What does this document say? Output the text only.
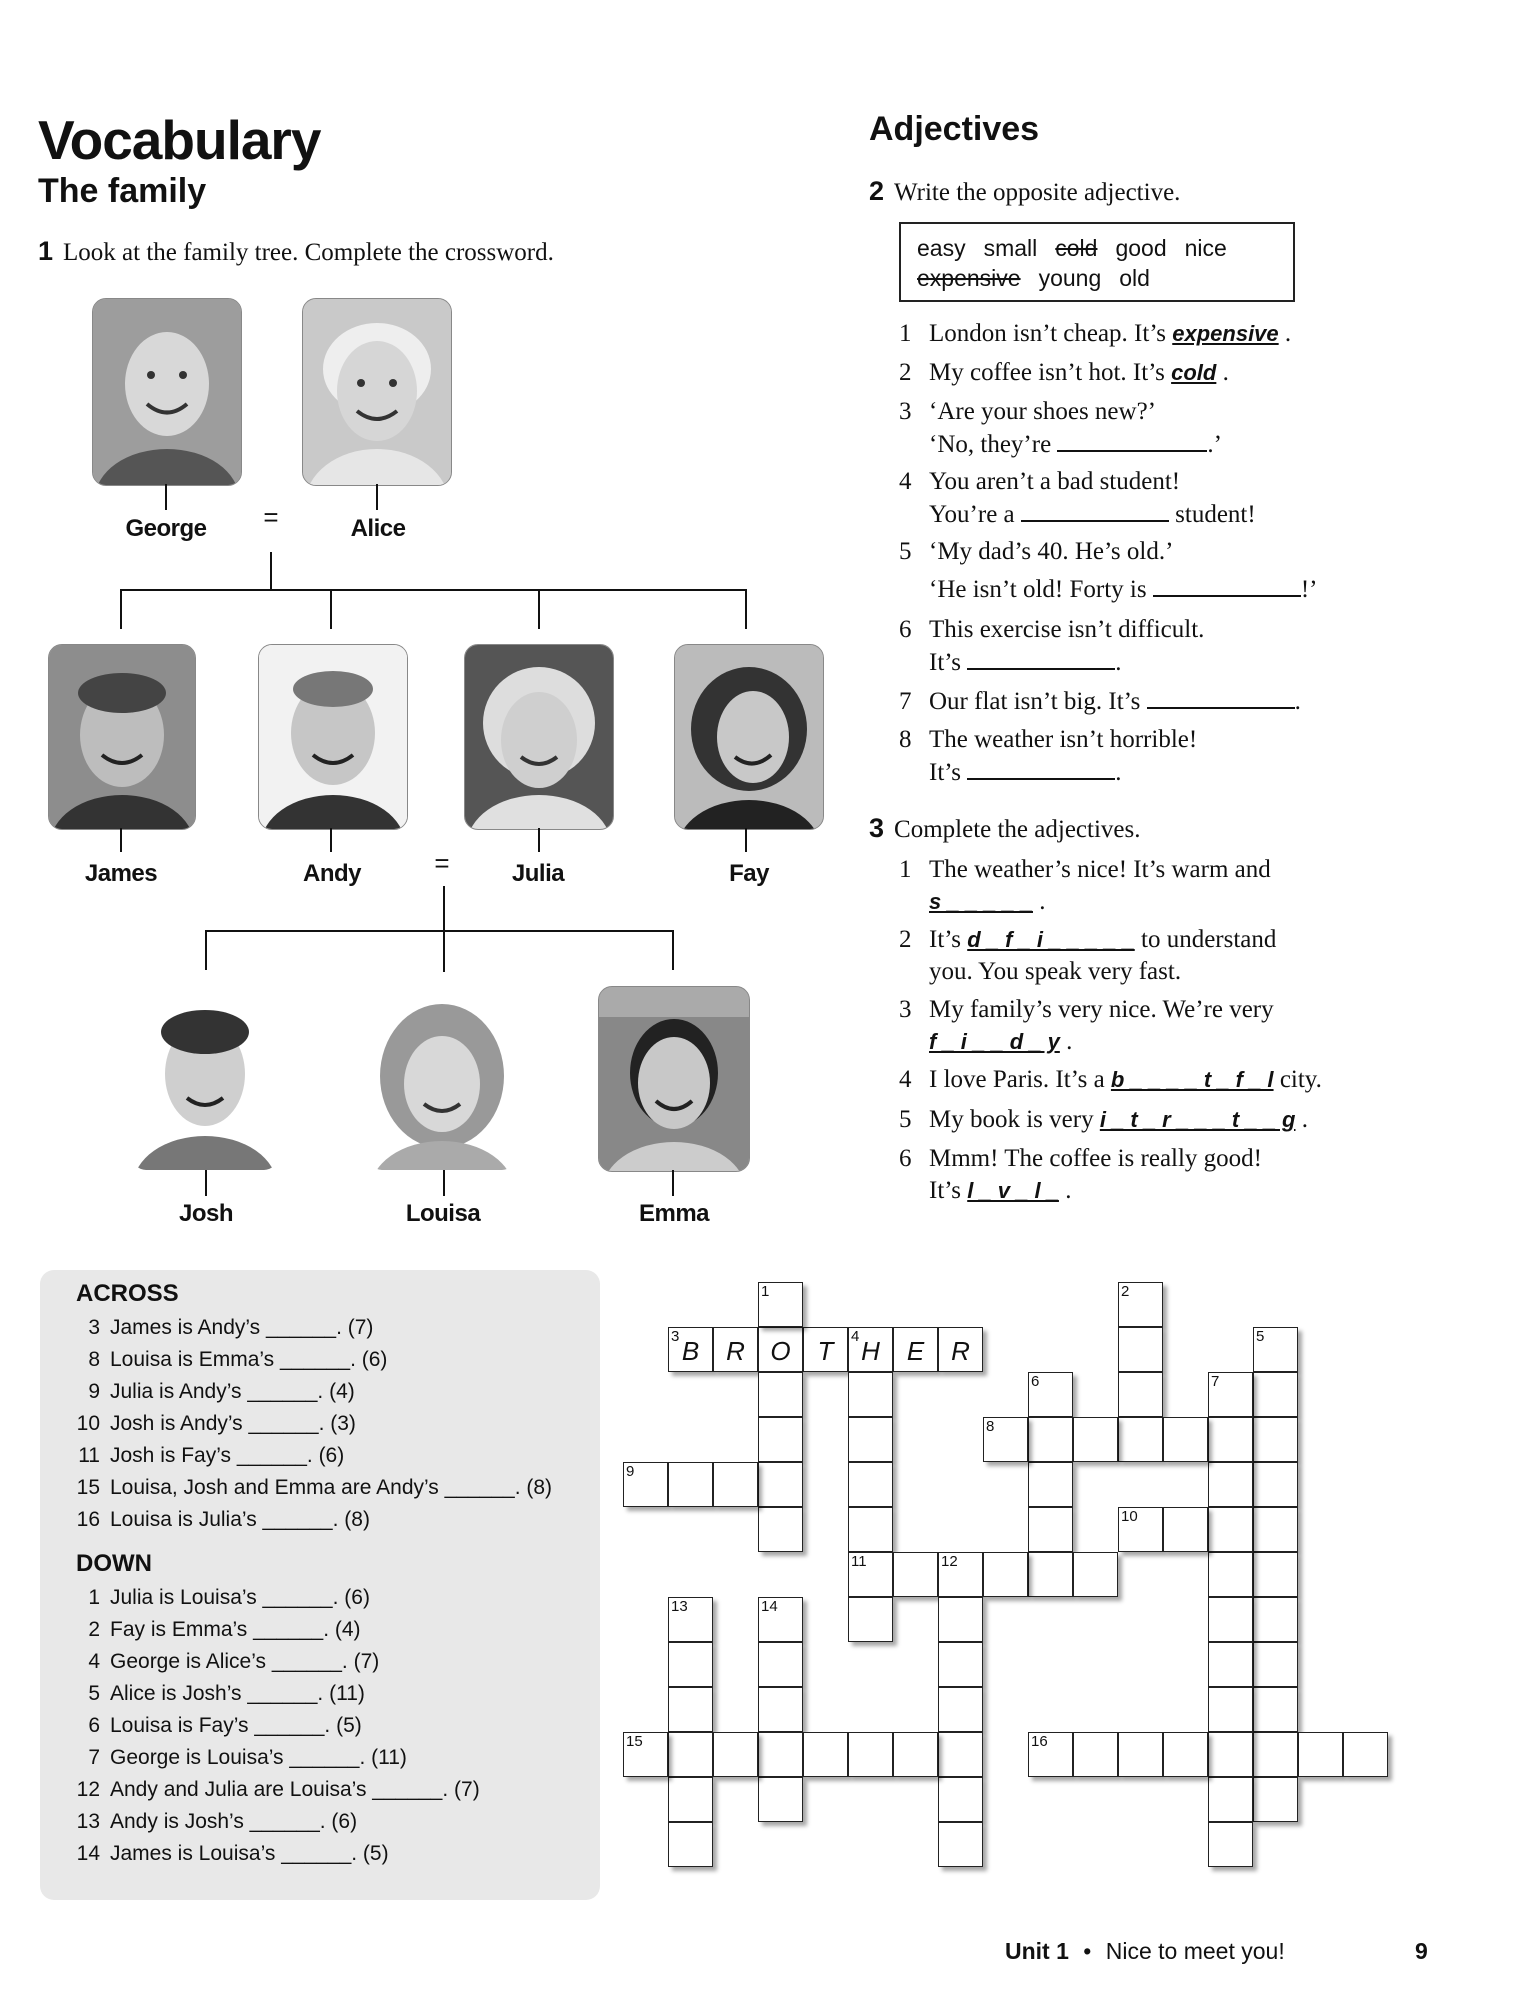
Vocabulary
The family
1 Look at the family tree. Complete the crossword.
George =	Alice
James	Andy	=	Julia	Fay
Josh	Louisa	Emma
Adjectives
2 Write the opposite adjective.
easy small cold good nice
expensive young old
1 London isn’t cheap. It’s expensive .
2 My coffee isn’t hot. It’s cold .
3 ‘Are your shoes new?’
‘No, they’re	.’
4 You aren’t a bad student!
You’re a	student!
5 ‘My dad’s 40. He’s old.’
‘He isn’t old! Forty is	!’
6 This exercise isn’t difficult.
It’s	.
7 Our flat isn’t big. It’s	.
8 The weather isn’t horrible!
It’s	.
3 Complete the adjectives.
1 The weather’s nice! It’s warm and
s _ _ _ _ _ .
2 It’s d _ f _ i _ _ _ _ _ to understand
you. You speak very fast.
3 My family’s very nice. We’re very
f _ i _ _ d _ y .
4 I love Paris. It’s a b _ _ _ _ t _ f _ l city.
5 My book is very i _ t _ r _ _ _ t _ _ g .
6 Mmm! The coffee is really good!
It’s l _ v _ l _ .
ACROSS
3 James is Andy’s ______. (7)
8 Louisa is Emma’s ______. (6)
9 Julia is Andy’s ______. (4)
10 Josh is Andy’s ______. (3)
11 Josh is Fay’s ______. (6)
15 Louisa, Josh and Emma are Andy’s ______. (8)
16 Louisa is Julia’s ______. (8)
DOWN
1 Julia is Louisa’s ______. (6)
2 Fay is Emma’s ______. (4)
4 George is Alice’s ______. (7)
5 Alice is Josh’s ______. (11)
6 Louisa is Fay’s ______. (5)
7 George is Louisa’s ______. (11)
12 Andy and Julia are Louisa’s ______. (7)
13 Andy is Josh’s ______. (6)
14 James is Louisa’s ______. (5)
3 B	R O	T	4 H	E	R
1
11
2
5
6	7
8
9
10
12
13	14
15	16
Unit 1 • Nice to meet you!	9
